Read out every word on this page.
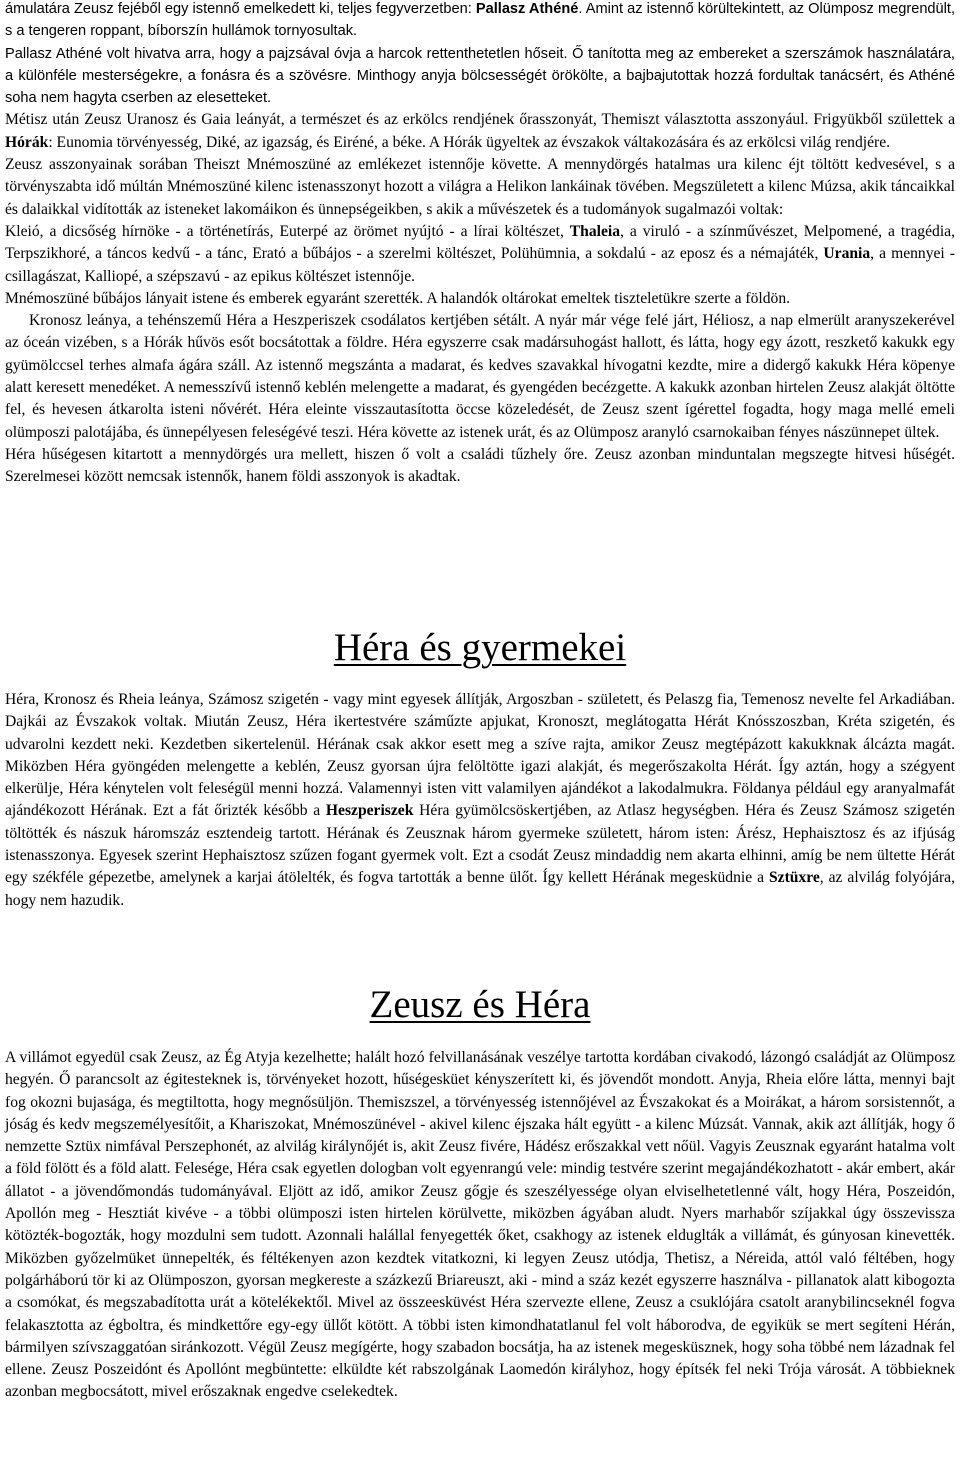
ámulatára Zeusz fejéből egy istennő emelkedett ki, teljes fegyverzetben: Pallasz Athéné. Amint az istennő körültekintett, az Olümposz megrendült, s a tengeren roppant, bíborszín hullámok tornyosultak.

Pallasz Athéné volt hivatva arra, hogy a pajzsával óvja a harcok rettenthetetlen hőseit. Ő tanította meg az embereket a szerszámok használatára, a különféle mesterségekre, a fonásra és a szövésre. Minthogy anyja bölcsességét örökölte, a bajbajutottak hozzá fordultak tanácsért, és Athéné soha nem hagyta cserben az elesetteket.

Métisz után Zeusz Uranosz és Gaia leányát, a természet és az erkölcs rendjének őrasszonyát, Themiszt választotta asszonyául. Frigyükből születtek a Hórák: Eunomia törvényesség, Diké, az igazság, és Eiréné, a béke. A Hórák ügyeltek az évszakok váltakozására és az erkölcsi világ rendjére.

Zeusz asszonyainak sorában Theiszt Mnémoszüné az emlékezet istennője követte. A mennydörgés hatalmas ura kilenc éjt töltött kedvesével, s a törvényszabta idő múltán Mnémoszüné kilenc istenasszonyt hozott a világra a Helikon lankáinak tövében. Megszületett a kilenc Múzsa, akik táncaikkal és dalaikkal vidították az isteneket lakomáikon és ünnepségeikben, s akik a művészetek és a tudományok sugalmazói voltak:

Kleió, a dicsőség hírnöke - a történetírás, Euterpé az örömet nyújtó - a lírai költészet, Thaleia, a viruló - a színművészet, Melpomené, a tragédia, Terpszikhoré, a táncos kedvű - a tánc, Eratό a bűbájos - a szerelmi költészet, Polühümnia, a sokdalú - az eposz és a némajáték, Urania, a mennyei - csillagászat, Kalliopé, a szépszavú - az epikus költészet istennője.

Mnémoszüné bűbájos lányait istene és emberek egyaránt szerették. A halandók oltárokat emeltek tiszteletükre szerte a földön.

Kronosz leánya, a tehénszemű Héra a Heszperiszek csodálatos kertjében sétált. A nyár már vége felé járt, Héliosz, a nap elmerült aranyszekerével az óceán vizében, s a Hórák hűvös esőt bocsátottak a földre. Héra egyszerre csak madársuhogást hallott, és látta, hogy egy ázott, reszkető kakukk egy gyümölccsel terhes almafa ágára száll. Az istennő megszánta a madarat, és kedves szavakkal hívogatni kezdte, mire a didergő kakukk Héra köpenye alatt keresett menedéket. A nemesszívű istennő keblén melengette a madarat, és gyengéden becézgette. A kakukk azonban hirtelen Zeusz alakját öltötte fel, és hevesen átkarolta isteni nővérét. Héra eleinte visszautasította öccse közeledését, de Zeusz szent ígérettel fogadta, hogy maga mellé emeli olümposzi palotájába, és ünnepélyesen feleségévé teszi. Héra követte az istenek urát, és az Olümposz aranyló csarnokaiban fényes nászünnepet ültek.

Héra hűségesen kitartott a mennydörgés ura mellett, hiszen ő volt a családi tűzhely őre. Zeusz azonban minduntalan megszegte hitvesi hűségét. Szerelmesei között nemcsak istennők, hanem földi asszonyok is akadtak.

Héra és gyermekei

Héra, Kronosz és Rheia leánya, Számosz szigetén - vagy mint egyesek állítják, Argoszban - született, és Pelaszg fia, Temenosz nevelte fel Arkadiában. Dajkái az Évszakok voltak. Miután Zeusz, Héra ikertestvére száműzte apjukat, Kronoszt, meglátogatta Hérát Knósszoszban, Kréta szigetén, és udvarolni kezdett neki. Kezdetben sikertelenül. Hérának csak akkor esett meg a szíve rajta, amikor Zeusz megtépázott kakukknak álcázta magát. Miközben Héra gyöngéden melengette a keblén, Zeusz gyorsan újra felöltötte igazi alakját, és megerőszakolta Hérát. Így aztán, hogy a szégyent elkerülje, Héra kénytelen volt feleségül menni hozzá. Valamennyi isten vitt valamilyen ajándékot a lakodalmukra. Földanya például egy aranyalmafát ajándékozott Hérának. Ezt a fát őrizték később a Heszperiszek Héra gyümölcsöskertjében, az Atlasz hegységben. Héra és Zeusz Számosz szigetén töltötték és nászuk háromszáz esztendeig tartott. Hérának és Zeusznak három gyermeke született, három isten: Árész, Hephaisztosz és az ifjúság istenasszonya. Egyesek szerint Hephaisztosz szűzen fogant gyermek volt. Ezt a csodát Zeusz mindaddig nem akarta elhinni, amíg be nem ültette Hérát egy székféle gépezetbe, amelynek a karjai átölelték, és fogva tartották a benne ülőt. Így kellett Hérának megesküdnie a Sztüxre, az alvilág folyójára, hogy nem hazudik.

Zeusz és Héra

A villámot egyedül csak Zeusz, az Ég Atyja kezelhette; halált hozó felvillanásának veszélye tartotta kordában civakodó, lázongó családját az Olümposz hegyén. Ő parancsolt az égitesteknek is, törvényeket hozott, hűségesküet kényszerített ki, és jövendőt mondott. Anyja, Rheia előre látta, mennyi bajt fog okozni bujasága, és megtiltotta, hogy megnősüljön. Themiszszel, a törvényesség istennőjével az Évszakokat és a Moirákat, a három sorsistennőt, a jóság és kedv megszemélyesítőit, a Khariszokat, Mnémoszünével - akivel kilenc éjszaka hált együtt - a kilenc Múzsát. Vannak, akik azt állítják, hogy ő nemzette Sztüx nimfával Perszephonét, az alvilág királynőjét is, akit Zeusz fivére, Hádész erőszakkal vett nőül. Vagyis Zeusznak egyaránt hatalma volt a föld fölött és a föld alatt. Felesége, Héra csak egyetlen dologban volt egyenrangú vele: mindig testvére szerint megajándékozhatott - akár embert, akár állatot - a jövendőmondás tudományával. Eljött az idő, amikor Zeusz gőgje és szeszélyessége olyan elviselhetetlenné vált, hogy Héra, Poszeidón, Apollón meg - Hesztiát kivéve - a többi olümposzi isten hirtelen körülvette, miközben ágyában aludt. Nyers marhabőr szíjakkal úgy összevissza kötözték-bogozták, hogy mozdulni sem tudott. Azonnali halállal fenyegették őket, csakhogy az istenek elduglták a villámát, és gúnyosan kinevették. Miközben győzelmüket ünnepelték, és féltékenyen azon kezdtek vitatkozni, ki legyen Zeusz utódja, Thetisz, a Néreida, attól való féltében, hogy polgárháború tör ki az Olümposzon, gyorsan megkereste a százkezű Briareuszt, aki - mind a száz kezét egyszerre használva - pillanatok alatt kibogozta a csomókat, és megszabadította urát a kötelékektől. Mivel az összeesküvést Héra szervezte ellene, Zeusz a csuklójára csatolt aranybilincseknél fogva felakasztotta az égboltra, és mindkettőre egy-egy üllőt kötött. A többi isten kimondhatatlanul fel volt háborodva, de egyikük se mert segíteni Hérán, bármilyen szívszaggatóan siránkozott. Végül Zeusz megígérte, hogy szabadon bocsátja, ha az istenek megesküsznek, hogy soha többé nem lázadnak fel ellene. Zeusz Poszeidónt és Apollónt megbüntette: elküldte két rabszolgának Laomedón királyhoz, hogy építsék fel neki Trója városát. A többieknek azonban megbocsátott, mivel erőszaknak engedve cselekedtek.
